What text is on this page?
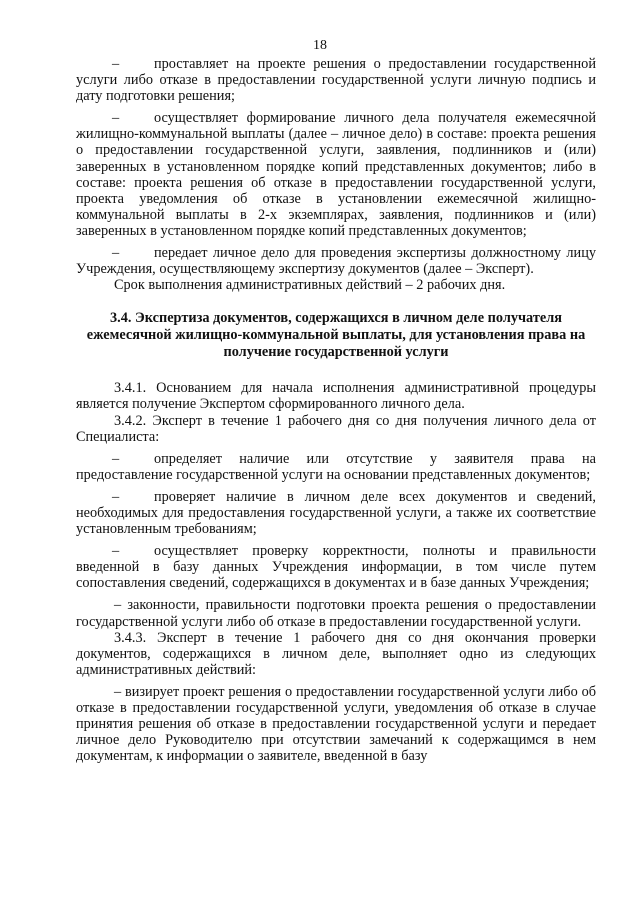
18

– проставляет на проекте решения о предоставлении государственной услуги либо отказе в предоставлении государственной услуги личную подпись и дату подготовки решения;

– осуществляет формирование личного дела получателя ежемесячной жилищно-коммунальной выплаты (далее – личное дело) в составе: проекта решения о предоставлении государственной услуги, заявления, подлинников и (или) заверенных в установленном порядке копий представленных документов; либо в составе: проекта решения об отказе в предоставлении государственной услуги, проекта уведомления об отказе в установлении ежемесячной жилищно-коммунальной выплаты в 2-х экземплярах, заявления, подлинников и (или) заверенных в установленном порядке копий представленных документов;

– передает личное дело для проведения экспертизы должностному лицу Учреждения, осуществляющему экспертизу документов (далее – Эксперт).

Срок выполнения административных действий – 2 рабочих дня.

3.4. Экспертиза документов, содержащихся в личном деле получателя ежемесячной жилищно-коммунальной выплаты, для установления права на получение государственной услуги

3.4.1. Основанием для начала исполнения административной процедуры является получение Экспертом сформированного личного дела.

3.4.2. Эксперт в течение 1 рабочего дня со дня получения личного дела от Специалиста:

– определяет наличие или отсутствие у заявителя права на предоставление государственной услуги на основании представленных документов;

– проверяет наличие в личном деле всех документов и сведений, необходимых для предоставления государственной услуги, а также их соответствие установленным требованиям;

– осуществляет проверку корректности, полноты и правильности введенной в базу данных Учреждения информации, в том числе путем сопоставления сведений, содержащихся в документах и в базе данных Учреждения;

– законности, правильности подготовки проекта решения о предоставлении государственной услуги либо об отказе в предоставлении государственной услуги.

3.4.3. Эксперт в течение 1 рабочего дня со дня окончания проверки документов, содержащихся в личном деле, выполняет одно из следующих административных действий:

– визирует проект решения о предоставлении государственной услуги либо об отказе в предоставлении государственной услуги, уведомления об отказе в случае принятия решения об отказе в предоставлении государственной услуги и передает личное дело Руководителю при отсутствии замечаний к содержащимся в нем документам, к информации о заявителе, введенной в базу
